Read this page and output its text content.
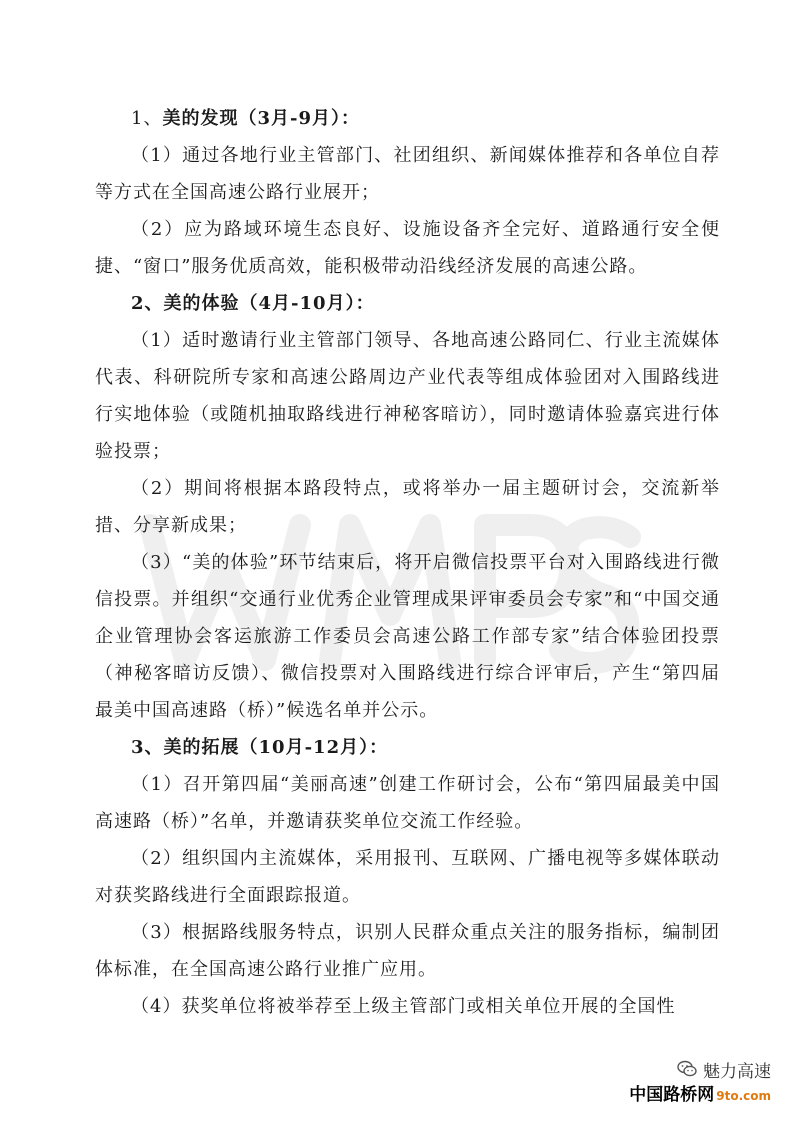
1、美的发现（3月-9月）：

（1）通过各地行业主管部门、社团组织、新闻媒体推荐和各单位自荐等方式在全国高速公路行业展开；

（2）应为路域环境生态良好、设施设备齐全完好、道路通行安全便捷、“窗口”服务优质高效，能积极带动沿线经济发展的高速公路。

2、美的体验（4月-10月）：

（1）适时邀请行业主管部门领导、各地高速公路同仁、行业主流媒体代表、科研院所专家和高速公路周边产业代表等组成体验团对入围路线进行实地体验（或随机抽取路线进行神秘客暗访），同时邀请体验嘉宾进行体验投票；

（2）期间将根据本路段特点，或将举办一届主题研讨会，交流新举措、分享新成果；

（3）“美的体验”环节结束后，将开启微信投票平台对入围路线进行微信投票。并组织“交通行业优秀企业管理成果评审委员会专家”和“中国交通企业管理协会客运旅游工作委员会高速公路工作部专家”结合体验团投票（神秘客暗访反馈）、微信投票对入围路线进行综合评审后，产生“第四届最美中国高速路（桥）”候选名单并公示。

3、美的拓展（10月-12月）：

（1）召开第四届“美丽高速”创建工作研讨会，公布“第四届最美中国高速路（桥）”名单，并邀请获奖单位交流工作经验。

（2）组织国内主流媒体，采用报刊、互联网、广播电视等多媒体联动对获奖路线进行全面跟踪报道。

（3）根据路线服务特点，识别人民群众重点关注的服务指标，编制团体标准，在全国高速公路行业推广应用。

（4）获奖单位将被举荐至上级主管部门或相关单位开展的全国性

魅力高速
中国路桥网 9to.com
